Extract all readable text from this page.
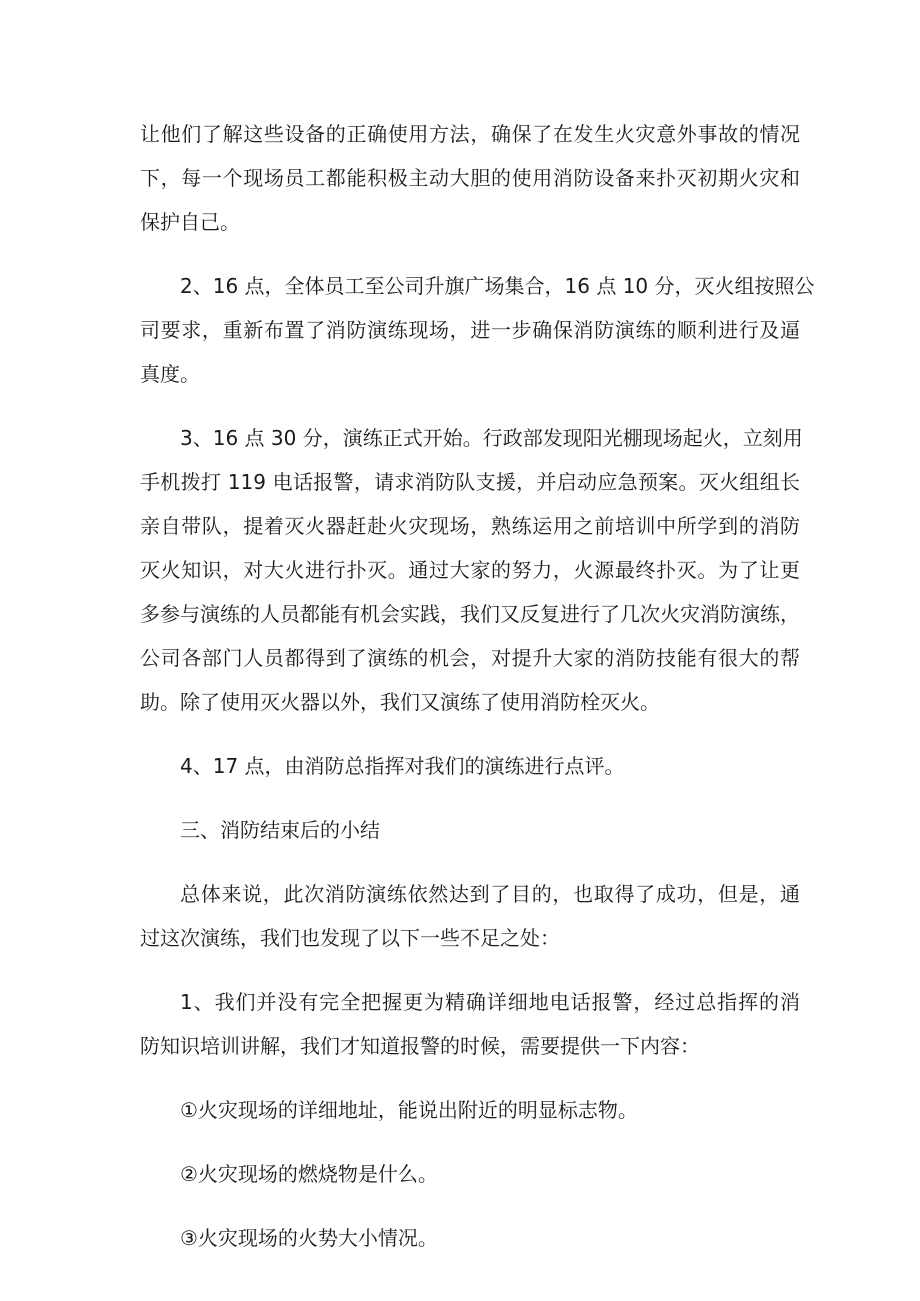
让他们了解这些设备的正确使用方法，确保了在发生火灾意外事故的情况
下，每一个现场员工都能积极主动大胆的使用消防设备来扑灭初期火灾和
保护自己。

2、16 点，全体员工至公司升旗广场集合，16 点 10 分，灭火组按照公
司要求，重新布置了消防演练现场，进一步确保消防演练的顺利进行及逼
真度。

3、16 点 30 分，演练正式开始。行政部发现阳光棚现场起火，立刻用
手机拨打 119 电话报警，请求消防队支援，并启动应急预案。灭火组组长
亲自带队，提着灭火器赶赴火灾现场，熟练运用之前培训中所学到的消防
灭火知识，对大火进行扑灭。通过大家的努力，火源最终扑灭。为了让更
多参与演练的人员都能有机会实践，我们又反复进行了几次火灾消防演练，
公司各部门人员都得到了演练的机会，对提升大家的消防技能有很大的帮
助。除了使用灭火器以外，我们又演练了使用消防栓灭火。

4、17 点，由消防总指挥对我们的演练进行点评。
三、消防结束后的小结

总体来说，此次消防演练依然达到了目的，也取得了成功，但是，通
过这次演练，我们也发现了以下一些不足之处：

1、我们并没有完全把握更为精确详细地电话报警，经过总指挥的消
防知识培训讲解，我们才知道报警的时候，需要提供一下内容：

①火灾现场的详细地址，能说出附近的明显标志物。
②火灾现场的燃烧物是什么。
③火灾现场的火势大小情况。
